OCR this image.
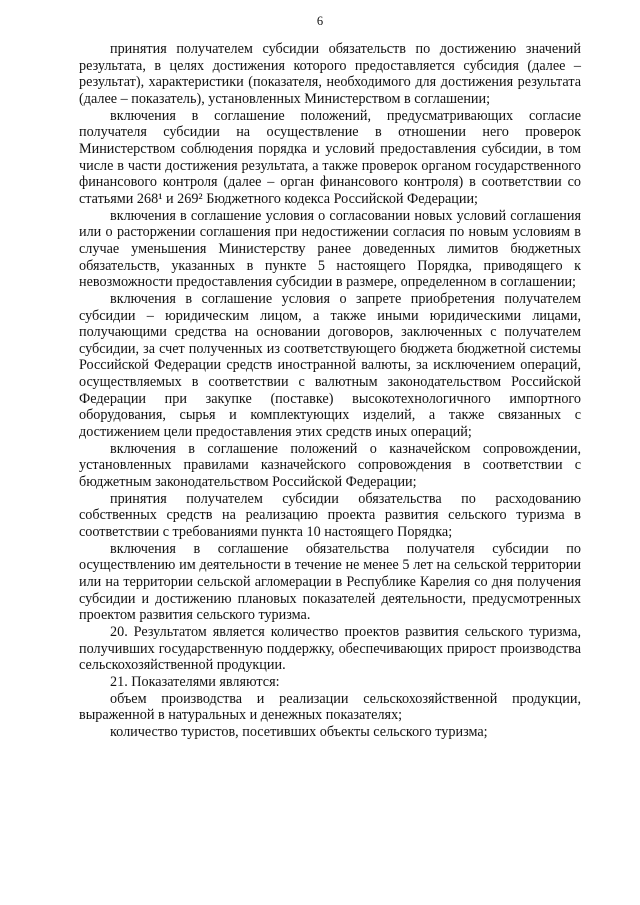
6

принятия получателем субсидии обязательств по достижению значений результата, в целях достижения которого предоставляется субсидия (далее – результат), характеристики (показателя, необходимого для достижения результата (далее – показатель), установленных Министерством в соглашении;

включения в соглашение положений, предусматривающих согласие получателя субсидии на осуществление в отношении него проверок Министерством соблюдения порядка и условий предоставления субсидии, в том числе в части достижения результата, а также проверок органом государственного финансового контроля (далее – орган финансового контроля) в соответствии со статьями 268¹ и 269² Бюджетного кодекса Российской Федерации;

включения в соглашение условия о согласовании новых условий соглашения или о расторжении соглашения при недостижении согласия по новым условиям в случае уменьшения Министерству ранее доведенных лимитов бюджетных обязательств, указанных в пункте 5 настоящего Порядка, приводящего к невозможности предоставления субсидии в размере, определенном в соглашении;

включения в соглашение условия о запрете приобретения получателем субсидии – юридическим лицом, а также иными юридическими лицами, получающими средства на основании договоров, заключенных с получателем субсидии, за счет полученных из соответствующего бюджета бюджетной системы Российской Федерации средств иностранной валюты, за исключением операций, осуществляемых в соответствии с валютным законодательством Российской Федерации при закупке (поставке) высокотехнологичного импортного оборудования, сырья и комплектующих изделий, а также связанных с достижением цели предоставления этих средств иных операций;

включения в соглашение положений о казначейском сопровождении, установленных правилами казначейского сопровождения в соответствии с бюджетным законодательством Российской Федерации;

принятия получателем субсидии обязательства по расходованию собственных средств на реализацию проекта развития сельского туризма в соответствии с требованиями пункта 10 настоящего Порядка;

включения в соглашение обязательства получателя субсидии по осуществлению им деятельности в течение не менее 5 лет на сельской территории или на территории сельской агломерации в Республике Карелия со дня получения субсидии и достижению плановых показателей деятельности, предусмотренных проектом развития сельского туризма.

20. Результатом является количество проектов развития сельского туризма, получивших государственную поддержку, обеспечивающих прирост производства сельскохозяйственной продукции.

21. Показателями являются:

объем производства и реализации сельскохозяйственной продукции, выраженной в натуральных и денежных показателях;

количество туристов, посетивших объекты сельского туризма;
